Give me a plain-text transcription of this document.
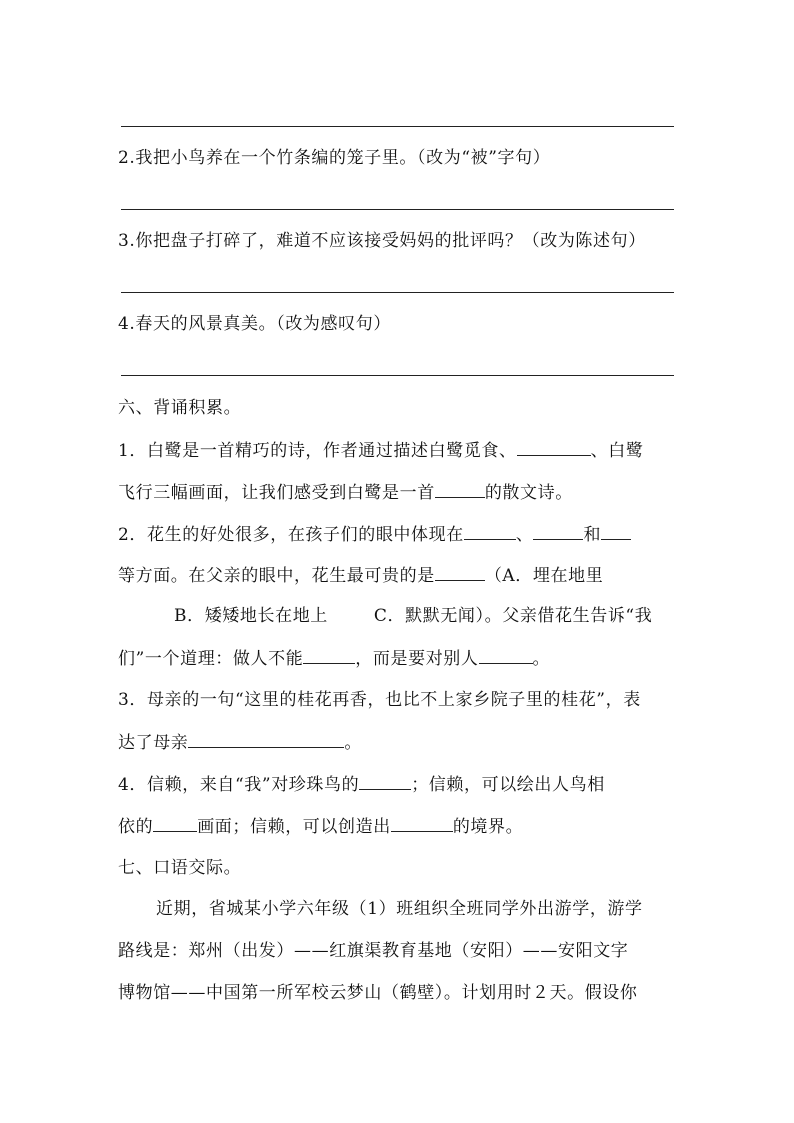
2.我把小鸟养在一个竹条编的笼子里。（改为“被”字句）
3.你把盘子打碎了，难道不应该接受妈妈的批评吗？（改为陈述句）
4.春天的风景真美。（改为感叹句）
六、背诵积累。
1．白鹭是一首精巧的诗，作者通过描述白鹭觅食、	、白鹭
飞行三幅画面，让我们感受到白鹭是一首	的散文诗。
2．花生的好处很多，在孩子们的眼中体现在	、	和
等方面。在父亲的眼中，花生最可贵的是	（A．埋在地里
B．矮矮地长在地上	C．默默无闻）。父亲借花生告诉“我
们”一个道理：做人不能	，而是要对别人	。
3．母亲的一句“这里的桂花再香，也比不上家乡院子里的桂花”，表
达了母亲	。
4．信赖，来自“我”对珍珠鸟的	；信赖，可以绘出人鸟相
依的	画面；信赖，可以创造出	的境界。
七、口语交际。
近期，省城某小学六年级（1）班组织全班同学外出游学，游学
路线是：郑州（出发）——红旗渠教育基地（安阳）——安阳文字
博物馆——中国第一所军校云梦山（鹤壁）。计划用时２天。假设你
